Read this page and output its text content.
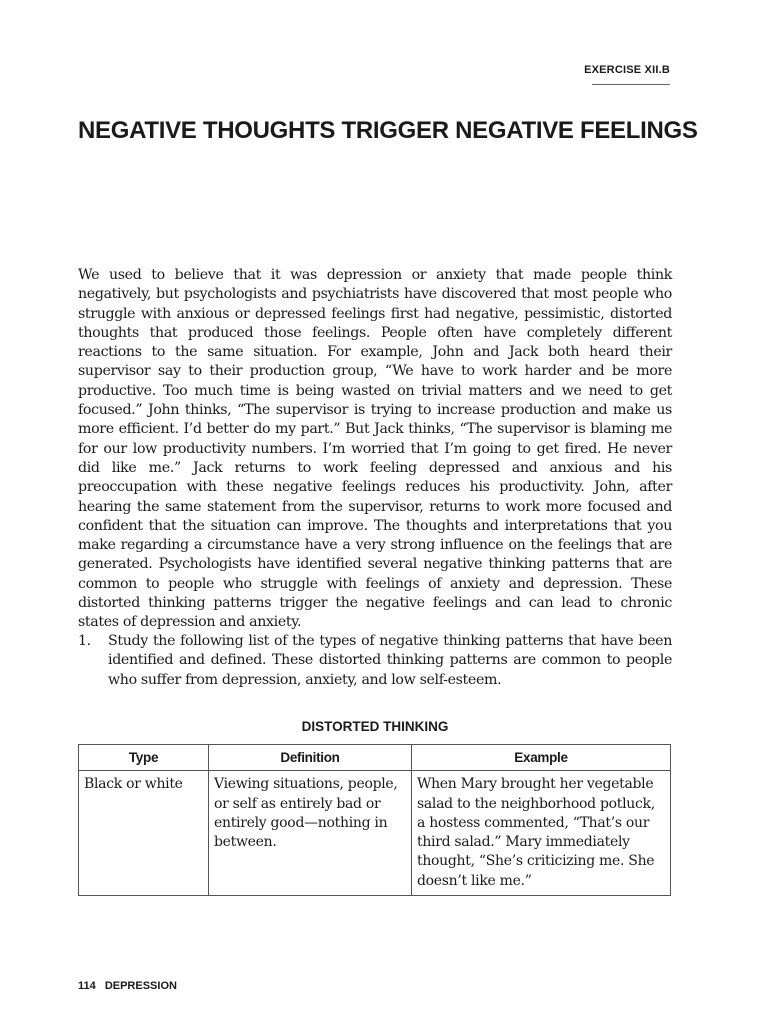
EXERCISE XII.B
NEGATIVE THOUGHTS TRIGGER NEGATIVE FEELINGS

We used to believe that it was depression or anxiety that made people think negatively, but psychologists and psychiatrists have discovered that most people who struggle with anxious or depressed feelings first had negative, pessimistic, distorted thoughts that produced those feelings. People often have completely different reactions to the same situation. For example, John and Jack both heard their supervisor say to their production group, “We have to work harder and be more productive. Too much time is being wasted on trivial matters and we need to get focused.” John thinks, “The supervisor is trying to increase production and make us more efficient. I’d better do my part.” But Jack thinks, “The supervisor is blaming me for our low productivity numbers. I’m worried that I’m going to get fired. He never did like me.” Jack returns to work feeling depressed and anxious and his preoccupation with these negative feelings reduces his productivity. John, after hearing the same statement from the supervisor, returns to work more focused and confident that the situation can improve. The thoughts and interpretations that you make regarding a circumstance have a very strong influence on the feelings that are generated. Psychologists have identified several negative thinking patterns that are common to people who struggle with feelings of anxiety and depression. These distorted thinking patterns trigger the negative feelings and can lead to chronic states of depression and anxiety.

1. Study the following list of the types of negative thinking patterns that have been identified and defined. These distorted thinking patterns are common to people who suffer from depression, anxiety, and low self-esteem.
DISTORTED THINKING
Type	Definition	Example
Black or white	Viewing situations, people, or self as entirely bad or entirely good—nothing in between.	When Mary brought her vegetable salad to the neighborhood potluck, a hostess commented, “That’s our third salad.” Mary immediately thought, “She’s criticizing me. She doesn’t like me.”
114 DEPRESSION
